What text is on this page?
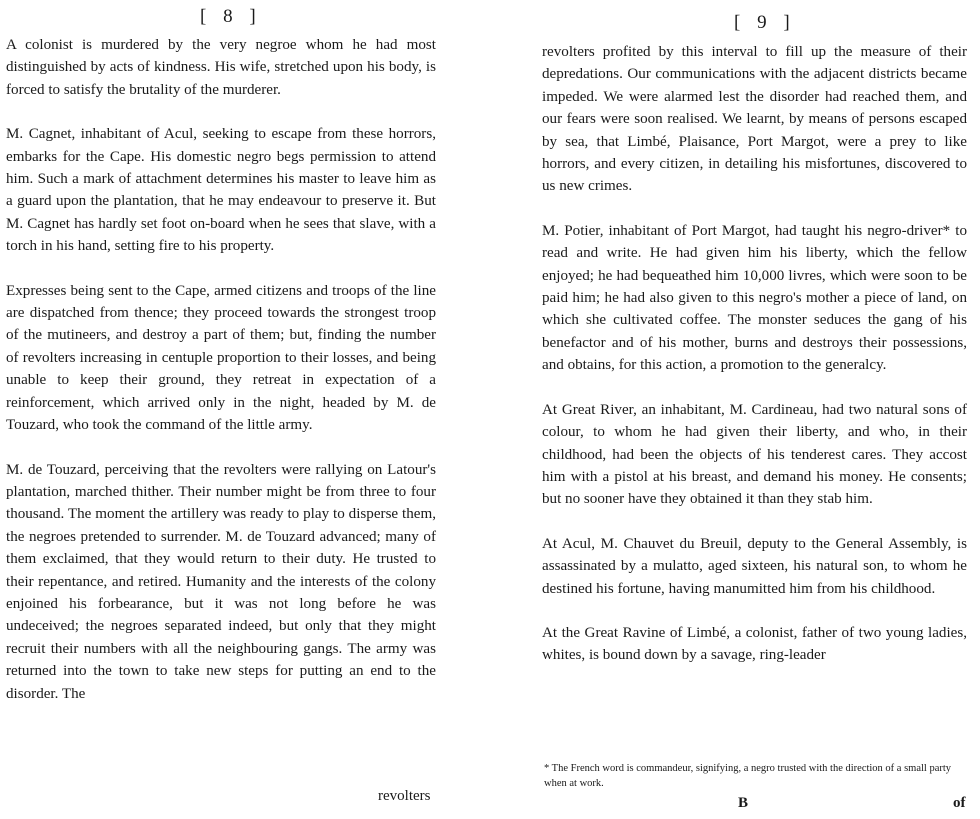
[ 8 ]

A colonist is murdered by the very negroe whom he had most distinguished by acts of kindness. His wife, stretched upon his body, is forced to satisfy the brutality of the murderer.

M. Cagnet, inhabitant of Acul, seeking to escape from these horrors, embarks for the Cape. His domestic negro begs permission to attend him. Such a mark of attachment determines his master to leave him as a guard upon the plantation, that he may endeavour to preserve it. But M. Cagnet has hardly set foot on-board when he sees that slave, with a torch in his hand, setting fire to his property.

Expresses being sent to the Cape, armed citizens and troops of the line are dispatched from thence; they proceed towards the strongest troop of the mutineers, and destroy a part of them; but, finding the number of revolters increasing in centuple proportion to their losses, and being unable to keep their ground, they retreat in expectation of a reinforcement, which arrived only in the night, headed by M. de Touzard, who took the command of the little army.

M. de Touzard, perceiving that the revolters were rallying on Latour's plantation, marched thither. Their number might be from three to four thousand. The moment the artillery was ready to play to disperse them, the negroes pretended to surrender. M. de Touzard advanced; many of them exclaimed, that they would return to their duty. He trusted to their repentance, and retired. Humanity and the interests of the colony enjoined his forbearance, but it was not long before he was undeceived; the negroes separated indeed, but only that they might recruit their numbers with all the neighbouring gangs. The army was returned into the town to take new steps for putting an end to the disorder. The

revolters
[ 9 ]

revolters profited by this interval to fill up the measure of their depredations. Our communications with the adjacent districts became impeded. We were alarmed lest the disorder had reached them, and our fears were soon realised. We learnt, by means of persons escaped by sea, that Limbé, Plaisance, Port Margot, were a prey to like horrors, and every citizen, in detailing his misfortunes, discovered to us new crimes.

M. Potier, inhabitant of Port Margot, had taught his negro-driver* to read and write. He had given him his liberty, which the fellow enjoyed; he had bequeathed him 10,000 livres, which were soon to be paid him; he had also given to this negro's mother a piece of land, on which she cultivated coffee. The monster seduces the gang of his benefactor and of his mother, burns and destroys their possessions, and obtains, for this action, a promotion to the generalcy.

At Great River, an inhabitant, M. Cardineau, had two natural sons of colour, to whom he had given their liberty, and who, in their childhood, had been the objects of his tenderest cares. They accost him with a pistol at his breast, and demand his money. He consents; but no sooner have they obtained it than they stab him.

At Acul, M. Chauvet du Breuil, deputy to the General Assembly, is assassinated by a mulatto, aged sixteen, his natural son, to whom he destined his fortune, having manumitted him from his childhood.

At the Great Ravine of Limbé, a colonist, father of two young ladies, whites, is bound down by a savage, ring-leader

* The French word is commandeur, signifying, a negro trusted with the direction of a small party when at work.
B	of
